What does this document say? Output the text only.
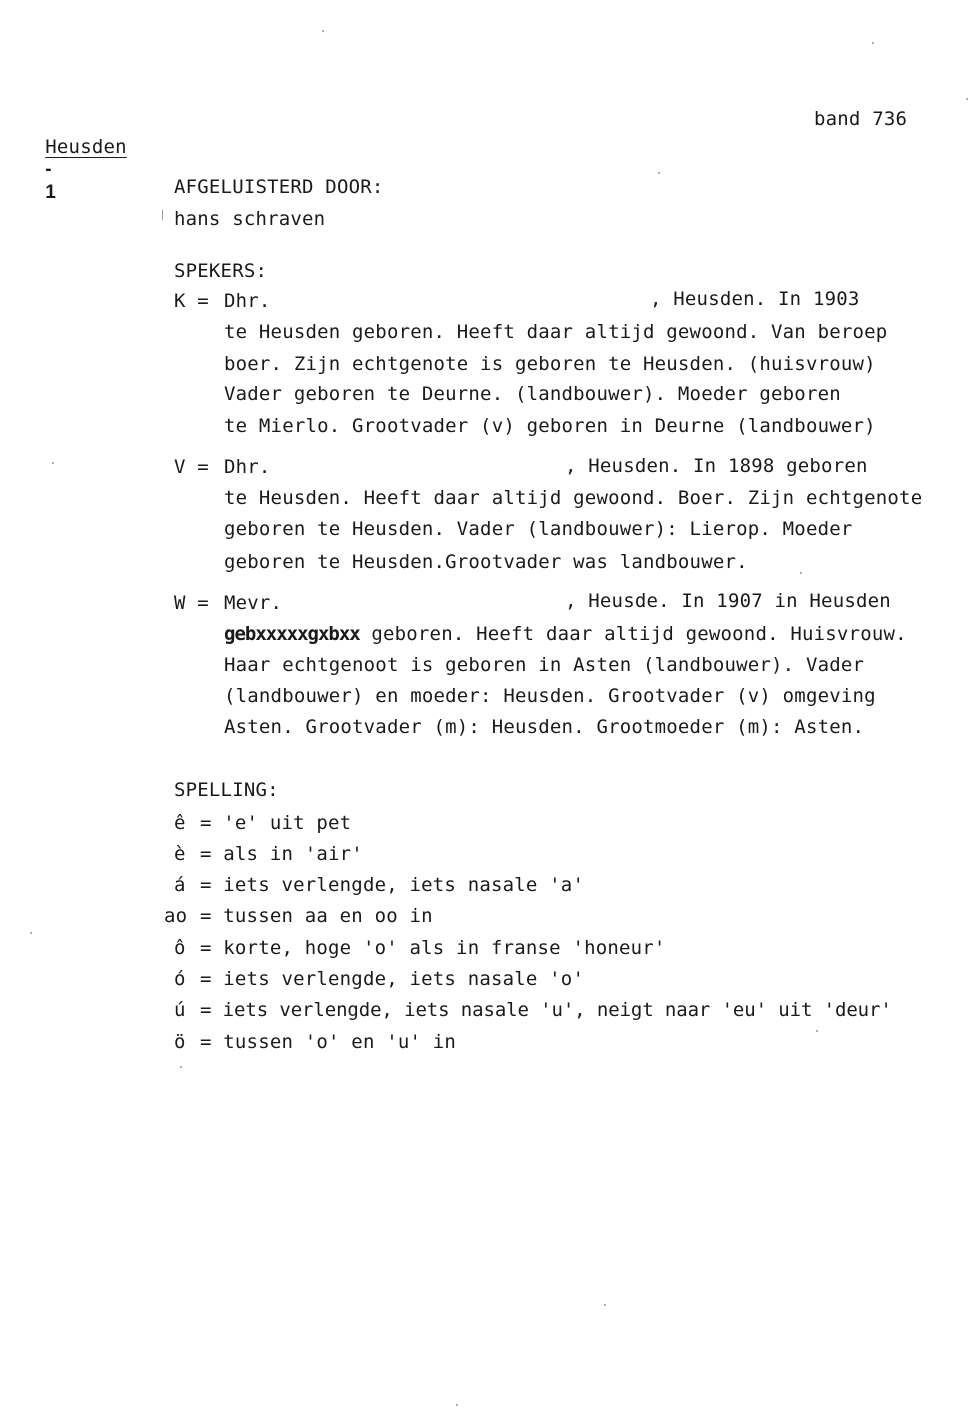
Heusden
-
1

band 736
AFGELUISTERD DOOR:
hans schraven
SPEKERS:
K = Dhr.	, Heusden. In 1903
te Heusden geboren. Heeft daar altijd gewoond. Van beroep
boer. Zijn echtgenote is geboren te Heusden. (huisvrouw)
Vader geboren te Deurne. (landbouwer). Moeder geboren
te Mierlo. Grootvader (v) geboren in Deurne (landbouwer)
V = Dhr.	, Heusden. In 1898 geboren
te Heusden. Heeft daar altijd gewoond. Boer. Zijn echtgenote
geboren te Heusden. Vader (landbouwer): Lierop. Moeder
geboren te Heusden.Grootvader was landbouwer.
W = Mevr.	, Heusde. In 1907 in Heusden
gebxxxxxgxbxx geboren. Heeft daar altijd gewoond. Huisvrouw.
Haar echtgenoot is geboren in Asten (landbouwer). Vader
(landbouwer) en moeder: Heusden. Grootvader (v) omgeving
Asten. Grootvader (m): Heusden. Grootmoeder (m): Asten.
SPELLING:
ê = 'e' uit pet
è = als in 'air'
á = iets verlengde, iets nasale 'a'
ao = tussen aa en oo in
ô = korte, hoge 'o' als in franse 'honeur'
ó = iets verlengde, iets nasale 'o'
ú = iets verlengde, iets nasale 'u', neigt naar 'eu' uit 'deur'
ö = tussen 'o' en 'u' in
